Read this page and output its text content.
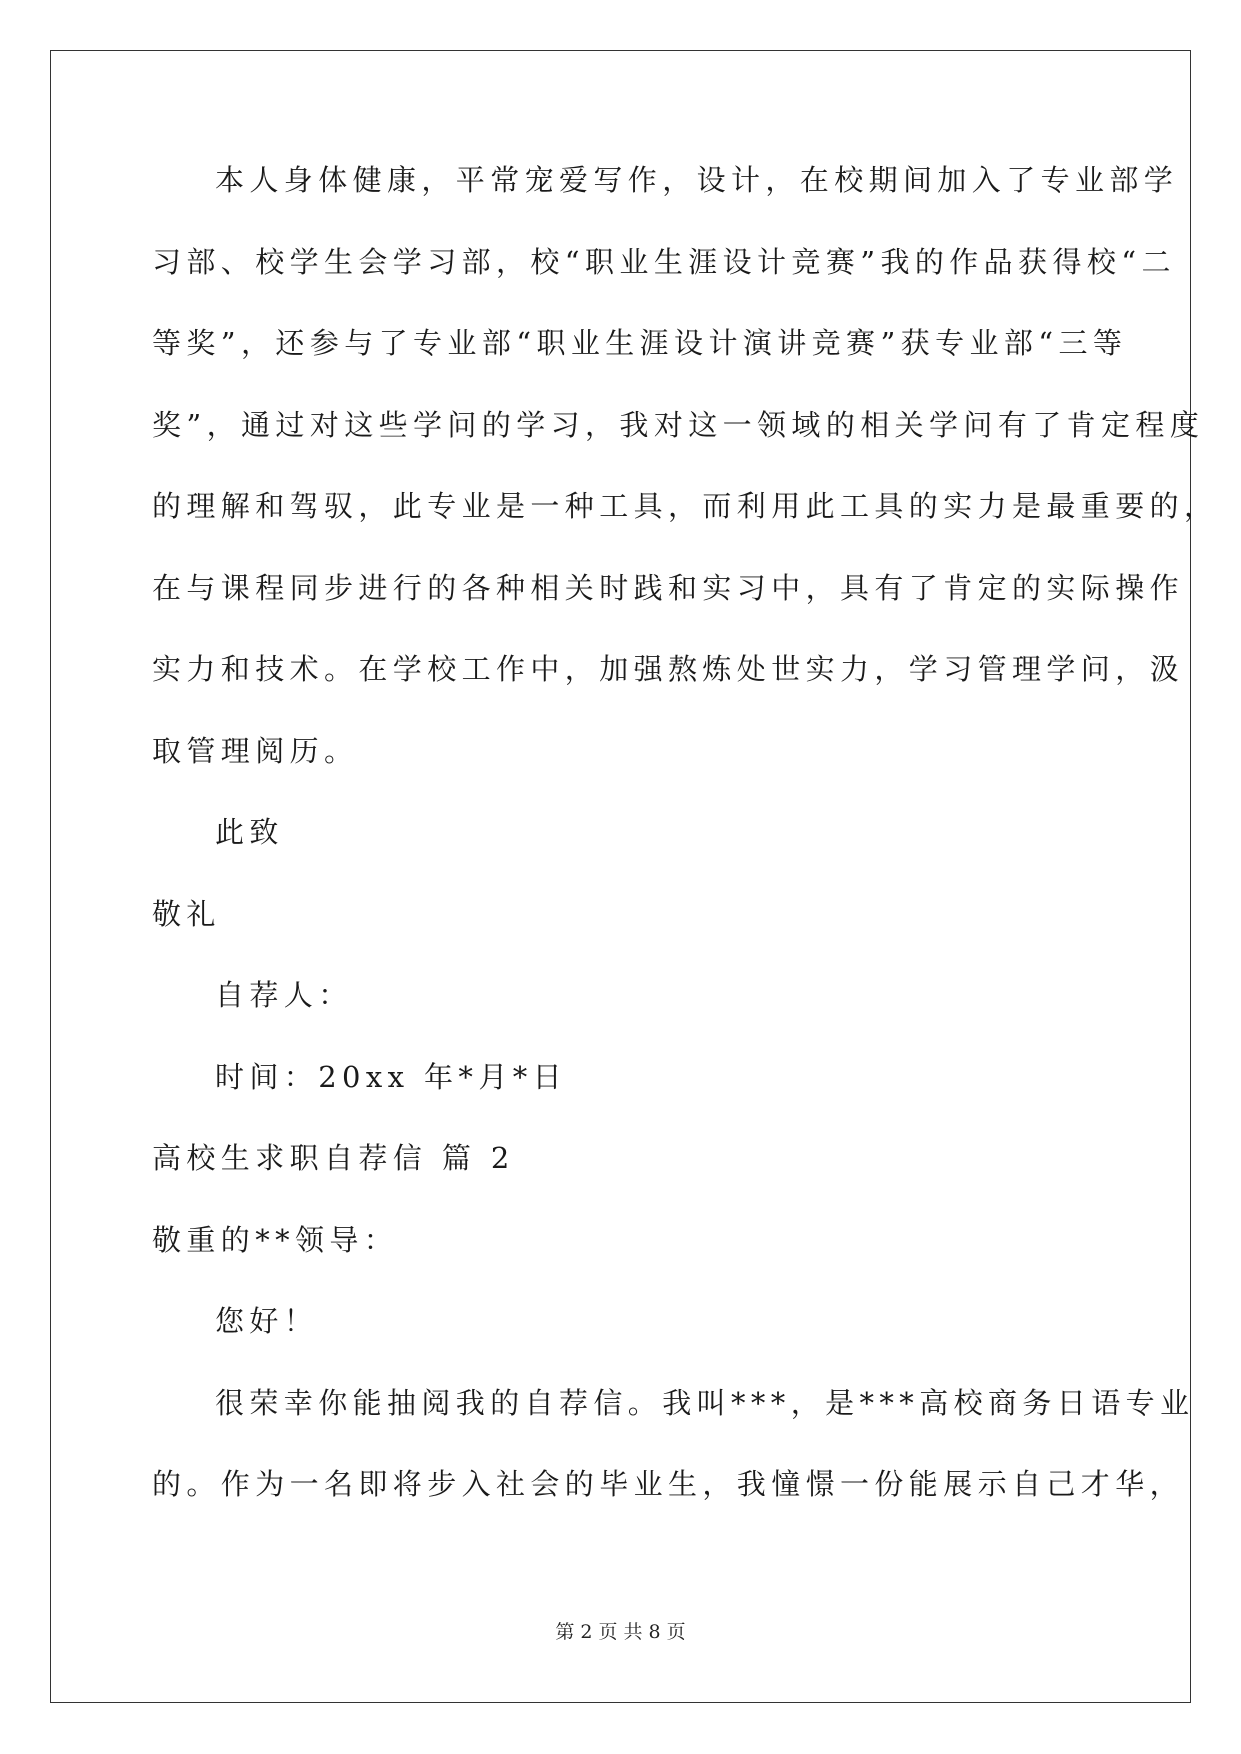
本人身体健康，平常宠爱写作，设计，在校期间加入了专业部学
习部、校学生会学习部，校“职业生涯设计竞赛”我的作品获得校“二
等奖”，还参与了专业部“职业生涯设计演讲竞赛”获专业部“三等
奖”，通过对这些学问的学习，我对这一领域的相关学问有了肯定程度
的理解和驾驭，此专业是一种工具，而利用此工具的实力是最重要的，
在与课程同步进行的各种相关时践和实习中，具有了肯定的实际操作
实力和技术。在学校工作中，加强熬炼处世实力，学习管理学问，汲
取管理阅历。
此致
敬礼
自荐人：
时间：20xx 年*月*日
高校生求职自荐信 篇 2
敬重的**领导：
您好！
很荣幸你能抽阅我的自荐信。我叫***，是***高校商务日语专业
的。作为一名即将步入社会的毕业生，我憧憬一份能展示自己才华，
第 2 页 共 8 页
